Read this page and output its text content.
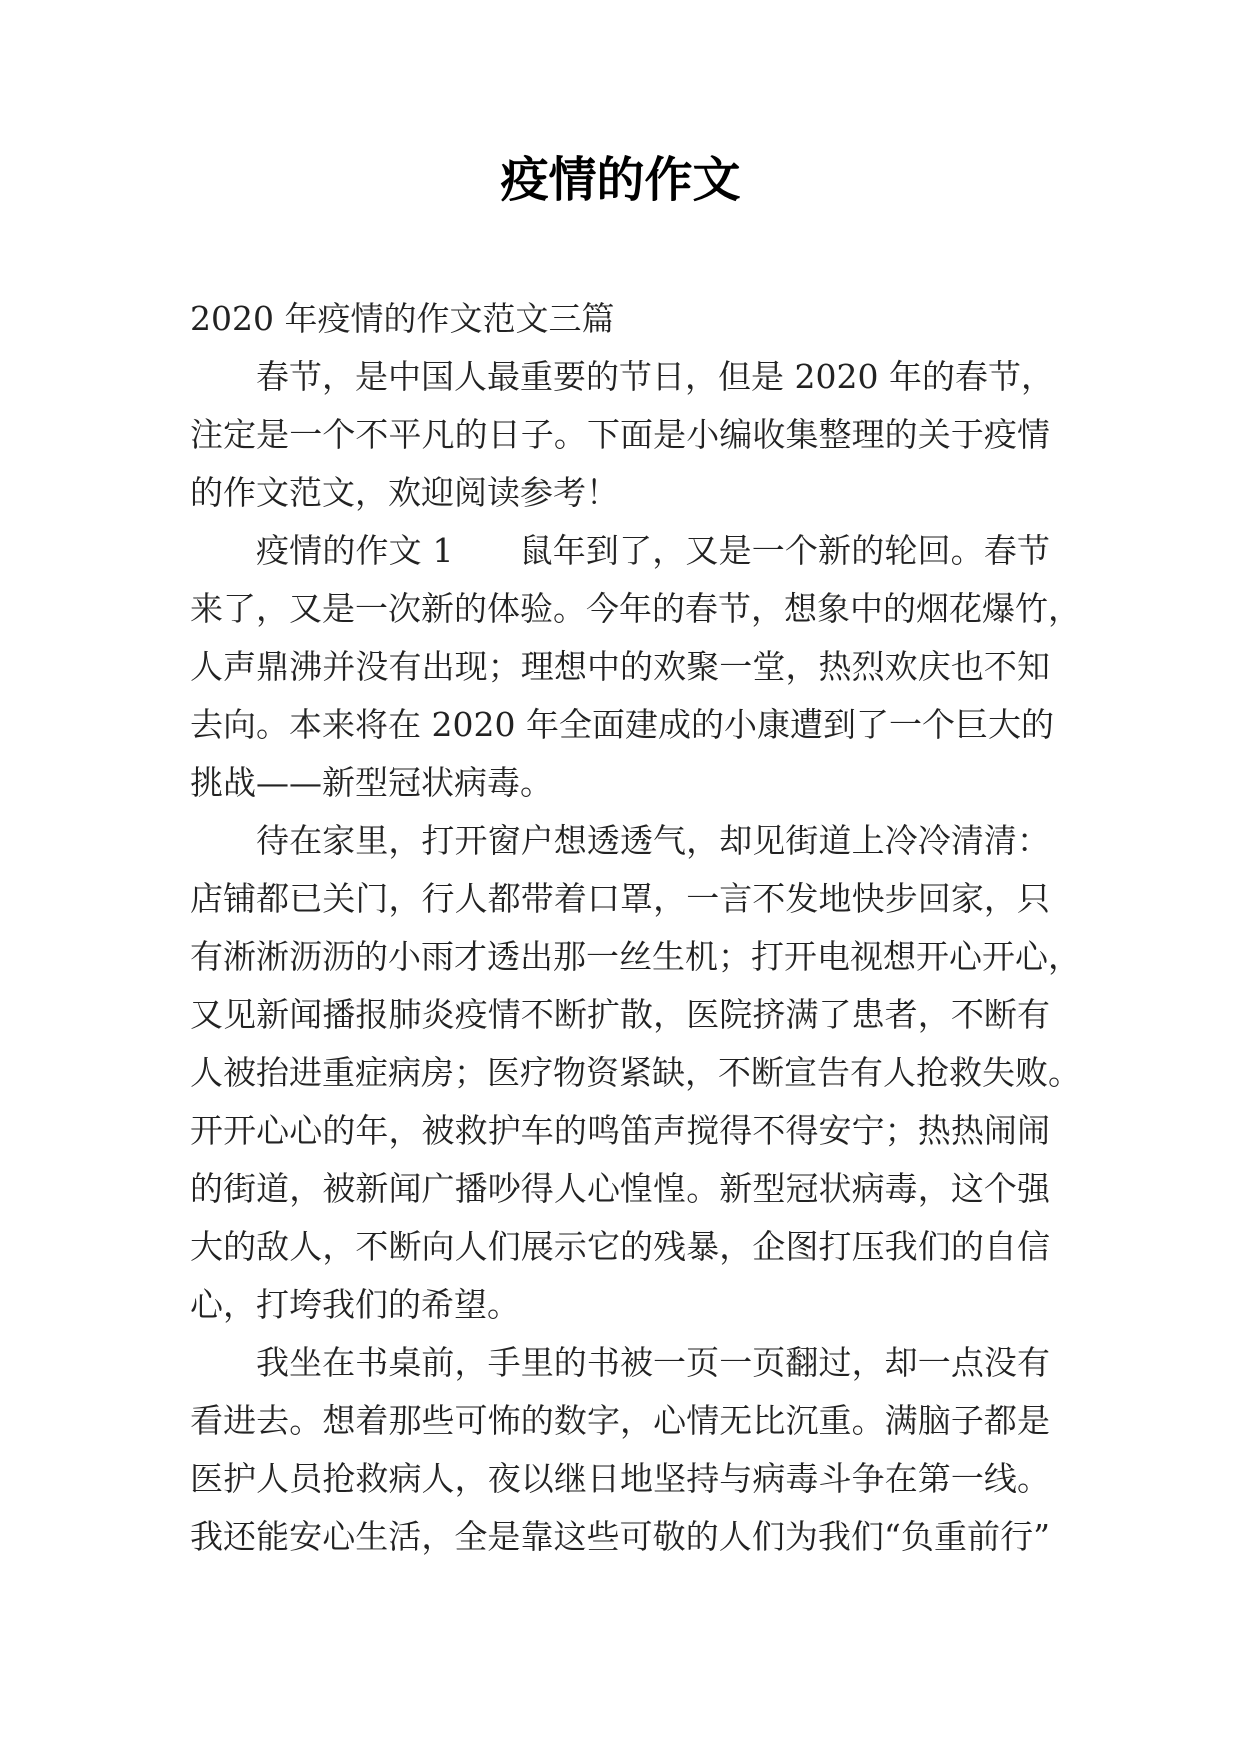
疫情的作文
2020 年疫情的作文范文三篇
春节，是中国人最重要的节日，但是 2020 年的春节，
注定是一个不平凡的日子。下面是小编收集整理的关于疫情
的作文范文，欢迎阅读参考！
疫情的作文 1 鼠年到了，又是一个新的轮回。春节
来了，又是一次新的体验。今年的春节，想象中的烟花爆竹，
人声鼎沸并没有出现；理想中的欢聚一堂，热烈欢庆也不知
去向。本来将在 2020 年全面建成的小康遭到了一个巨大的
挑战——新型冠状病毒。
待在家里，打开窗户想透透气，却见街道上冷冷清清：
店铺都已关门，行人都带着口罩，一言不发地快步回家，只
有淅淅沥沥的小雨才透出那一丝生机；打开电视想开心开心，
又见新闻播报肺炎疫情不断扩散，医院挤满了患者，不断有
人被抬进重症病房；医疗物资紧缺，不断宣告有人抢救失败。
开开心心的年，被救护车的鸣笛声搅得不得安宁；热热闹闹
的街道，被新闻广播吵得人心惶惶。新型冠状病毒，这个强
大的敌人，不断向人们展示它的残暴，企图打压我们的自信
心，打垮我们的希望。
我坐在书桌前，手里的书被一页一页翻过，却一点没有
看进去。想着那些可怖的数字，心情无比沉重。满脑子都是
医护人员抢救病人，夜以继日地坚持与病毒斗争在第一线。
我还能安心生活，全是靠这些可敬的人们为我们“负重前行”
